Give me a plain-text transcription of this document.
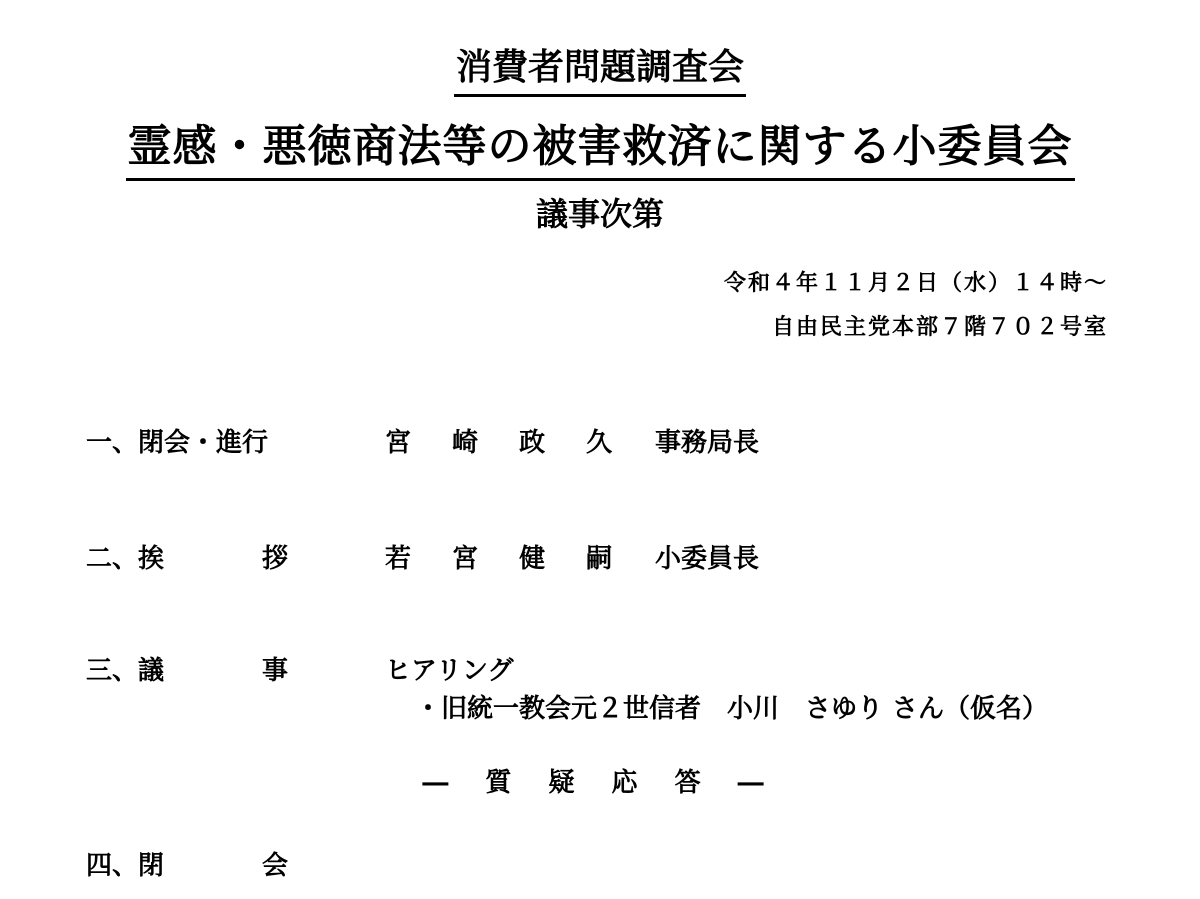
消費者問題調査会
霊感・悪徳商法等の被害救済に関する小委員会
議事次第
令和４年１１月２日（水）１４時～
自由民主党本部７階７０２号室
一、閉会・進行	宮 崎 政 久 事務局長
二、挨	拶	若 宮 健 嗣 小委員長
三、議	事	ヒアリング
・旧統一教会元２世信者　小川　さゆり さん（仮名）
― 質 疑 応 答 ―
四、閉	会
